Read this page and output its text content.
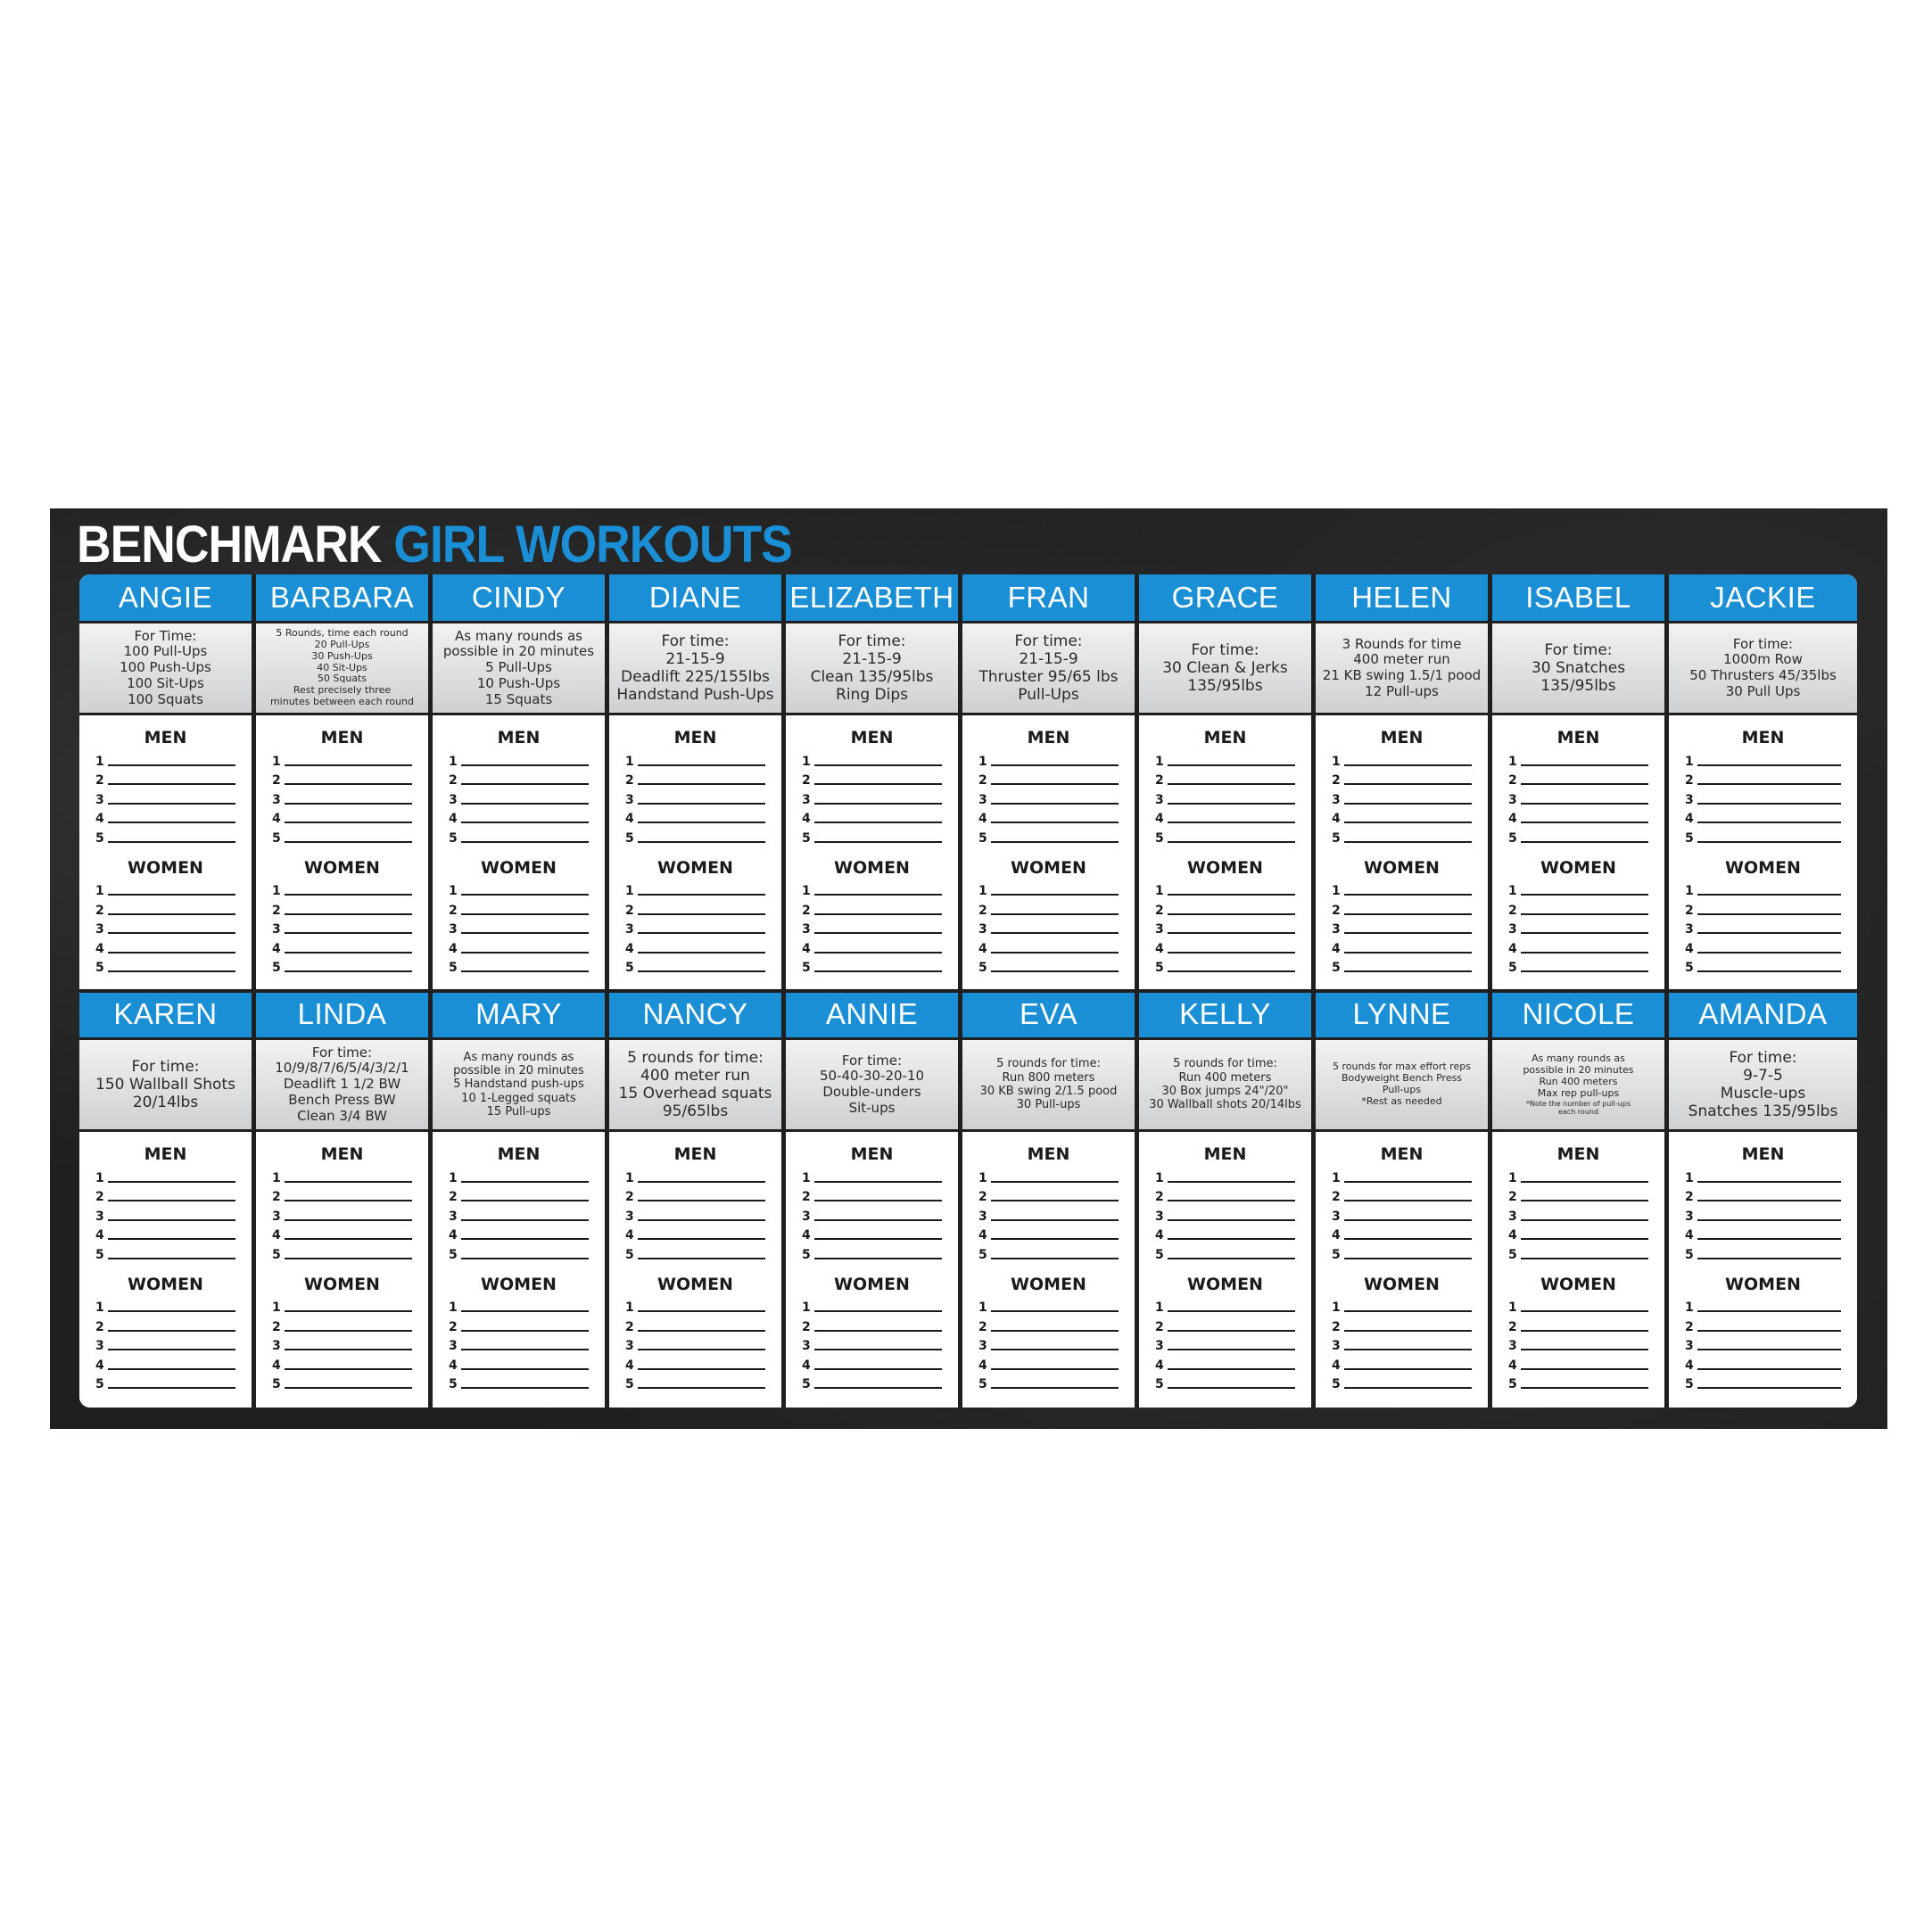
BENCHMARK GIRL WORKOUTS
ANGIE
For Time:
100 Pull-Ups
100 Push-Ups
100 Sit-Ups
100 Squats
MEN
1
2
3
4
5
WOMEN
1
2
3
4
5
BARBARA
5 Rounds, time each round
20 Pull-Ups
30 Push-Ups
40 Sit-Ups
50 Squats
Rest precisely three
minutes between each round
MEN
1
2
3
4
5
WOMEN
1
2
3
4
5
CINDY
As many rounds as
possible in 20 minutes
5 Pull-Ups
10 Push-Ups
15 Squats
MEN
1
2
3
4
5
WOMEN
1
2
3
4
5
DIANE
For time:
21-15-9
Deadlift 225/155lbs
Handstand Push-Ups
MEN
1
2
3
4
5
WOMEN
1
2
3
4
5
ELIZABETH
For time:
21-15-9
Clean 135/95lbs
Ring Dips
MEN
1
2
3
4
5
WOMEN
1
2
3
4
5
FRAN
For time:
21-15-9
Thruster 95/65 lbs
Pull-Ups
MEN
1
2
3
4
5
WOMEN
1
2
3
4
5
GRACE
For time:
30 Clean & Jerks
135/95lbs
MEN
1
2
3
4
5
WOMEN
1
2
3
4
5
HELEN
3 Rounds for time
400 meter run
21 KB swing 1.5/1 pood
12 Pull-ups
MEN
1
2
3
4
5
WOMEN
1
2
3
4
5
ISABEL
For time:
30 Snatches
135/95lbs
MEN
1
2
3
4
5
WOMEN
1
2
3
4
5
JACKIE
For time:
1000m Row
50 Thrusters 45/35lbs
30 Pull Ups
MEN
1
2
3
4
5
WOMEN
1
2
3
4
5
KAREN
For time:
150 Wallball Shots
20/14lbs
MEN
1
2
3
4
5
WOMEN
1
2
3
4
5
LINDA
For time:
10/9/8/7/6/5/4/3/2/1
Deadlift 1 1/2 BW
Bench Press BW
Clean 3/4 BW
MEN
1
2
3
4
5
WOMEN
1
2
3
4
5
MARY
As many rounds as
possible in 20 minutes
5 Handstand push-ups
10 1-Legged squats
15 Pull-ups
MEN
1
2
3
4
5
WOMEN
1
2
3
4
5
NANCY
5 rounds for time:
400 meter run
15 Overhead squats
95/65lbs
MEN
1
2
3
4
5
WOMEN
1
2
3
4
5
ANNIE
For time:
50-40-30-20-10
Double-unders
Sit-ups
MEN
1
2
3
4
5
WOMEN
1
2
3
4
5
EVA
5 rounds for time:
Run 800 meters
30 KB swing 2/1.5 pood
30 Pull-ups
MEN
1
2
3
4
5
WOMEN
1
2
3
4
5
KELLY
5 rounds for time:
Run 400 meters
30 Box jumps 24"/20"
30 Wallball shots 20/14lbs
MEN
1
2
3
4
5
WOMEN
1
2
3
4
5
LYNNE
5 rounds for max effort reps
Bodyweight Bench Press
Pull-ups
*Rest as needed
MEN
1
2
3
4
5
WOMEN
1
2
3
4
5
NICOLE
As many rounds as
possible in 20 minutes
Run 400 meters
Max rep pull-ups
*Note the number of pull-ups
each round
MEN
1
2
3
4
5
WOMEN
1
2
3
4
5
AMANDA
For time:
9-7-5
Muscle-ups
Snatches 135/95lbs
MEN
1
2
3
4
5
WOMEN
1
2
3
4
5
